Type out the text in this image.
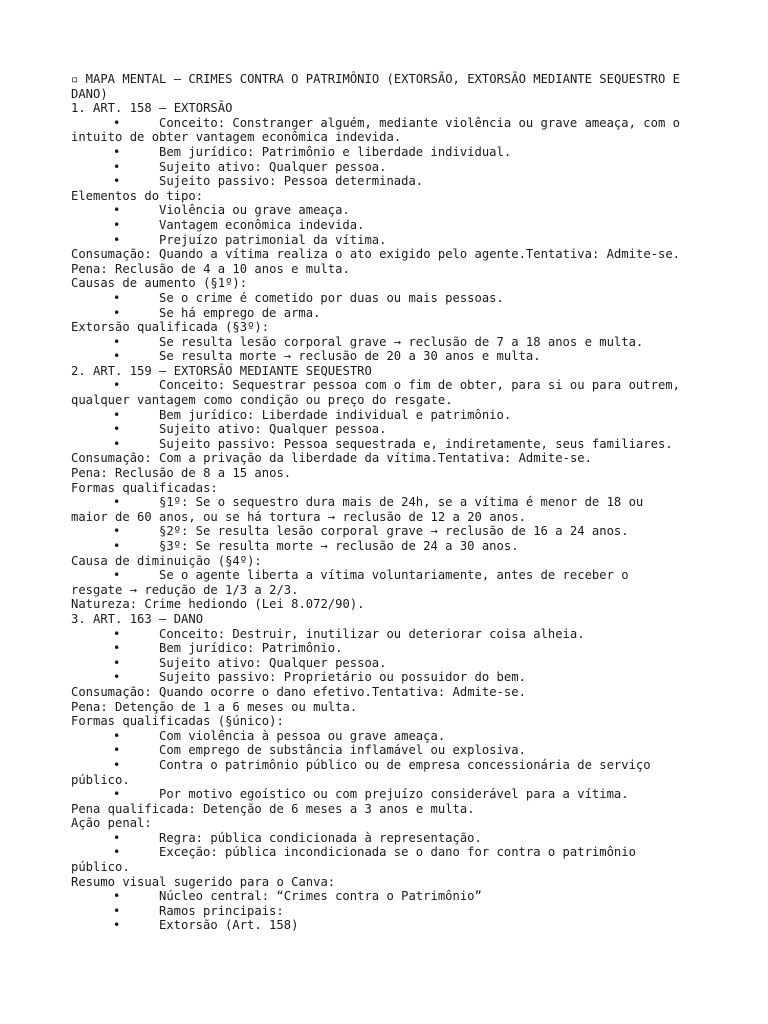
▫ MAPA MENTAL – CRIMES CONTRA O PATRIMÔNIO (EXTORSÃO, EXTORSÃO MEDIANTE SEQUESTRO E DANO)
1. ART. 158 – EXTORSÃO
•	Conceito: Constranger alguém, mediante violência ou grave ameaça, com o
intuito de obter vantagem econômica indevida.
•	Bem jurídico: Patrimônio e liberdade individual.
•	Sujeito ativo: Qualquer pessoa.
•	Sujeito passivo: Pessoa determinada.
Elementos do tipo:
•	Violência ou grave ameaça.
•	Vantagem econômica indevida.
•	Prejuízo patrimonial da vítima.
Consumação: Quando a vítima realiza o ato exigido pelo agente.Tentativa: Admite-se.
Pena: Reclusão de 4 a 10 anos e multa.
Causas de aumento (§1º):
•	Se o crime é cometido por duas ou mais pessoas.
•	Se há emprego de arma.
Extorsão qualificada (§3º):
•	Se resulta lesão corporal grave → reclusão de 7 a 18 anos e multa.
•	Se resulta morte → reclusão de 20 a 30 anos e multa.
2. ART. 159 – EXTORSÃO MEDIANTE SEQUESTRO
•	Conceito: Sequestrar pessoa com o fim de obter, para si ou para outrem,
qualquer vantagem como condição ou preço do resgate.
•	Bem jurídico: Liberdade individual e patrimônio.
•	Sujeito ativo: Qualquer pessoa.
•	Sujeito passivo: Pessoa sequestrada e, indiretamente, seus familiares.
Consumação: Com a privação da liberdade da vítima.Tentativa: Admite-se.
Pena: Reclusão de 8 a 15 anos.
Formas qualificadas:
•	§1º: Se o sequestro dura mais de 24h, se a vítima é menor de 18 ou
maior de 60 anos, ou se há tortura → reclusão de 12 a 20 anos.
•	§2º: Se resulta lesão corporal grave → reclusão de 16 a 24 anos.
•	§3º: Se resulta morte → reclusão de 24 a 30 anos.
Causa de diminuição (§4º):
•	Se o agente liberta a vítima voluntariamente, antes de receber o
resgate → redução de 1/3 a 2/3.
Natureza: Crime hediondo (Lei 8.072/90).
3. ART. 163 – DANO
•	Conceito: Destruir, inutilizar ou deteriorar coisa alheia.
•	Bem jurídico: Patrimônio.
•	Sujeito ativo: Qualquer pessoa.
•	Sujeito passivo: Proprietário ou possuidor do bem.
Consumação: Quando ocorre o dano efetivo.Tentativa: Admite-se.
Pena: Detenção de 1 a 6 meses ou multa.
Formas qualificadas (§único):
•	Com violência à pessoa ou grave ameaça.
•	Com emprego de substância inflamável ou explosiva.
•	Contra o patrimônio público ou de empresa concessionária de serviço
público.
•	Por motivo egoístico ou com prejuízo considerável para a vítima.
Pena qualificada: Detenção de 6 meses a 3 anos e multa.
Ação penal:
•	Regra: pública condicionada à representação.
•	Exceção: pública incondicionada se o dano for contra o patrimônio
público.
Resumo visual sugerido para o Canva:
•	Núcleo central: “Crimes contra o Patrimônio”
•	Ramos principais:
•	Extorsão (Art. 158)
